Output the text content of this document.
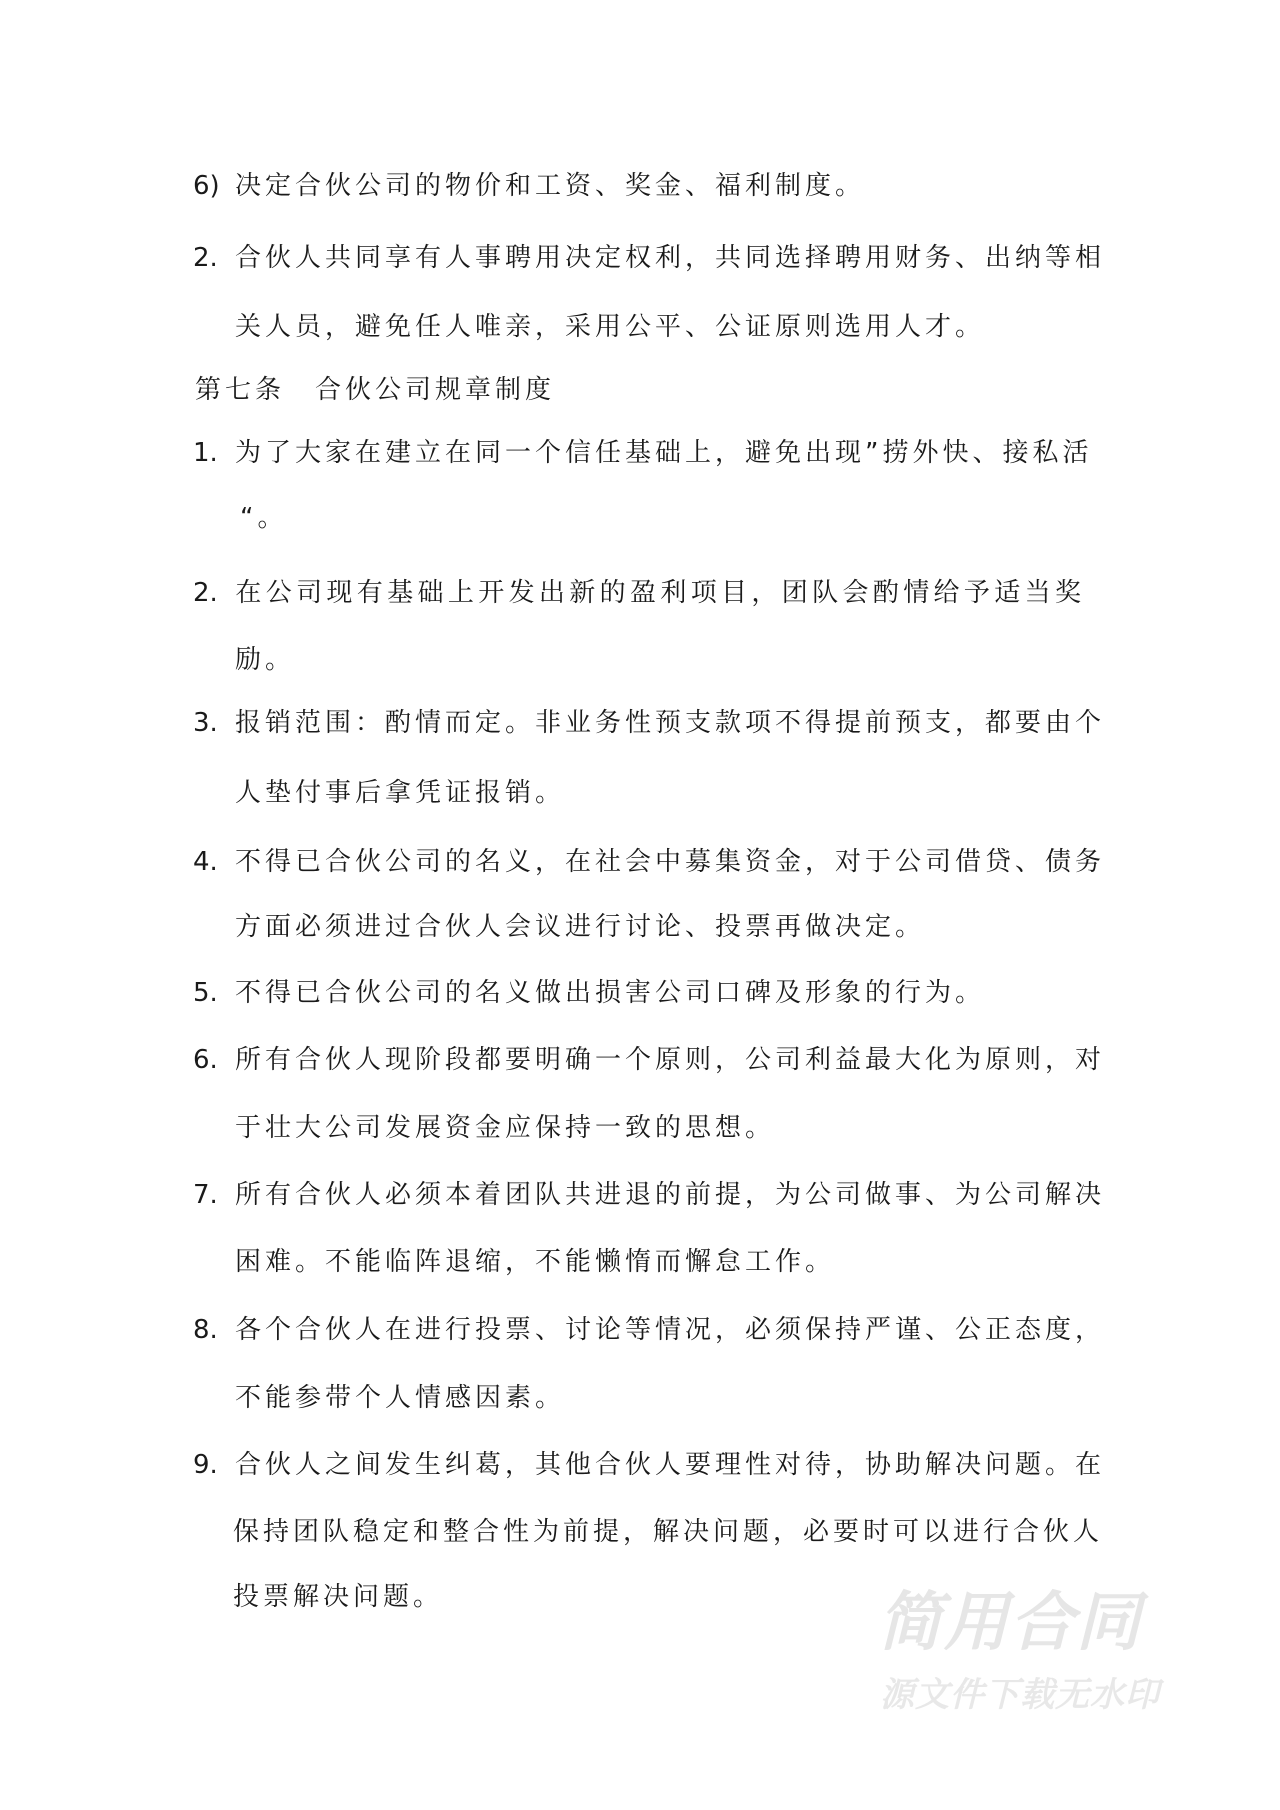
6) 决定合伙公司的物价和工资、奖金、福利制度。
2. 合伙人共同享有人事聘用决定权利，共同选择聘用财务、出纳等相
关人员，避免任人唯亲，采用公平、公证原则选用人才。
第七条　合伙公司规章制度
1. 为了大家在建立在同一个信任基础上，避免出现”捞外快、接私活
“。
2. 在公司现有基础上开发出新的盈利项目，团队会酌情给予适当奖
励。
3. 报销范围：酌情而定。非业务性预支款项不得提前预支，都要由个
人垫付事后拿凭证报销。
4. 不得已合伙公司的名义，在社会中募集资金，对于公司借贷、债务
方面必须进过合伙人会议进行讨论、投票再做决定。
5. 不得已合伙公司的名义做出损害公司口碑及形象的行为。
6. 所有合伙人现阶段都要明确一个原则，公司利益最大化为原则，对
于壮大公司发展资金应保持一致的思想。
7. 所有合伙人必须本着团队共进退的前提，为公司做事、为公司解决
困难。不能临阵退缩，不能懒惰而懈怠工作。
8. 各个合伙人在进行投票、讨论等情况，必须保持严谨、公正态度，
不能参带个人情感因素。
9. 合伙人之间发生纠葛，其他合伙人要理性对待，协助解决问题。在
保持团队稳定和整合性为前提，解决问题，必要时可以进行合伙人
投票解决问题。	简用合同
源文件下载无水印
